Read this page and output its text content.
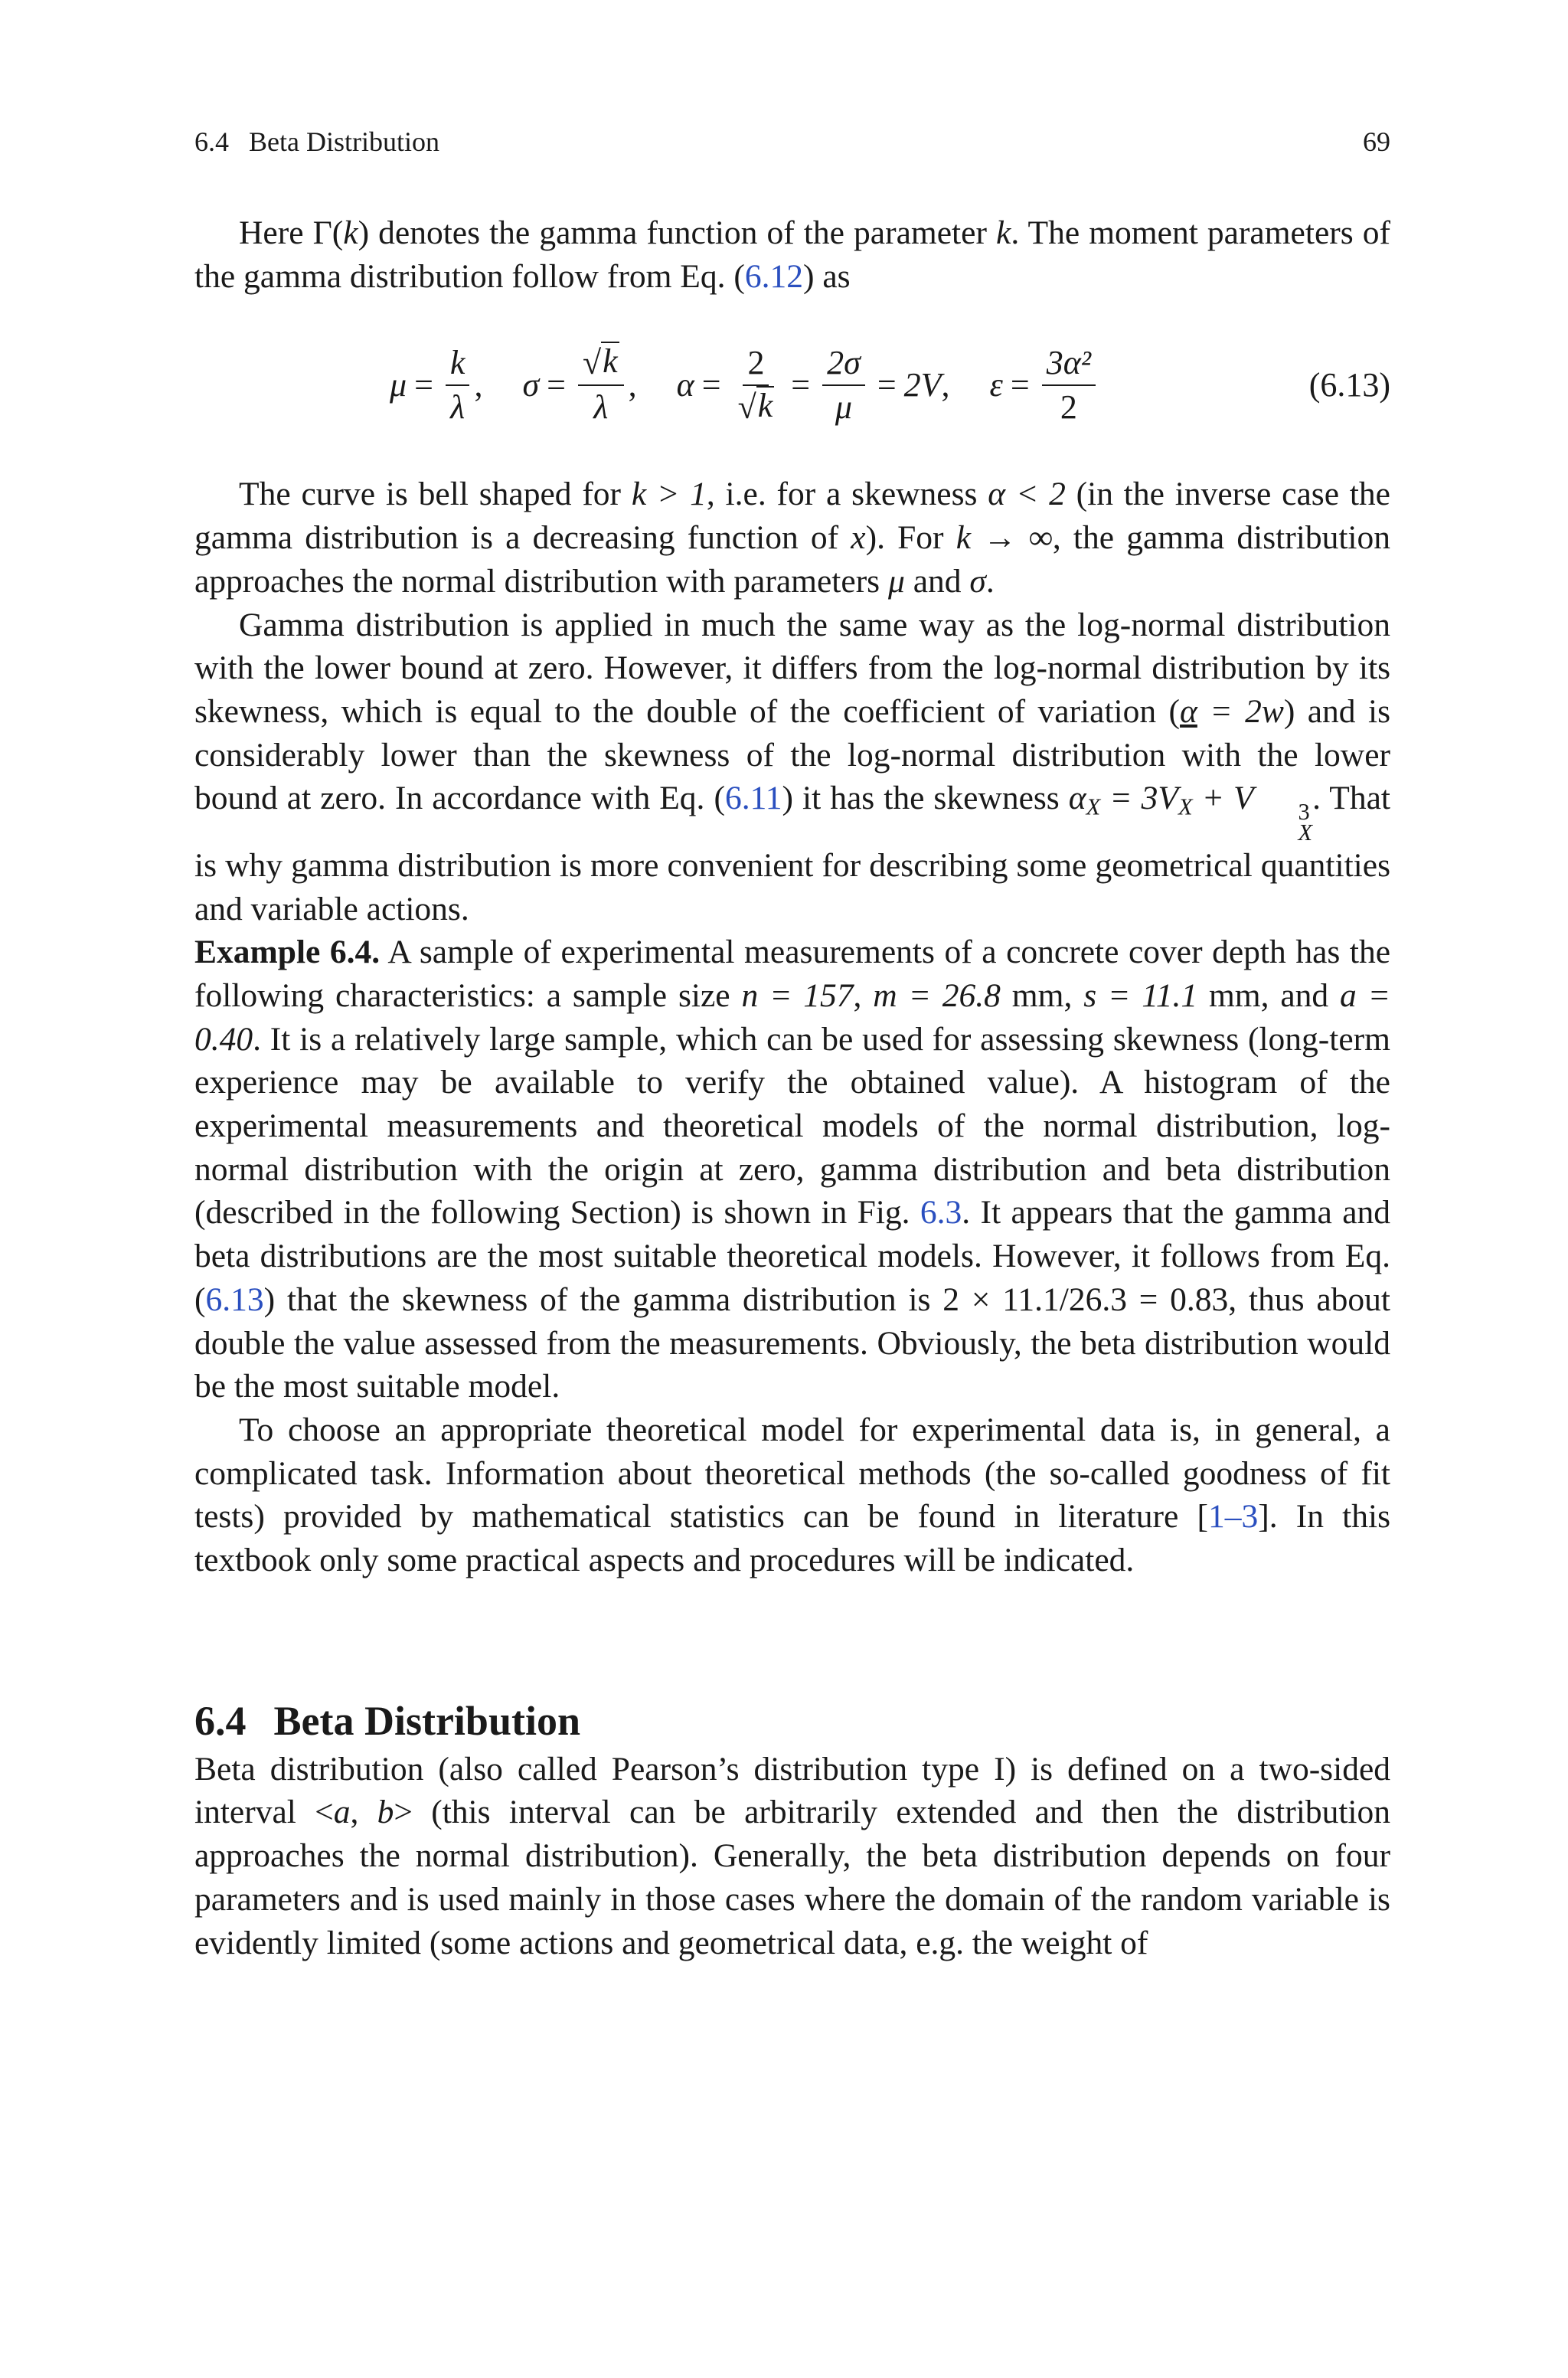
6.4 Beta Distribution	69

Here Γ(k) denotes the gamma function of the parameter k. The moment parameters of the gamma distribution follow from Eq. (6.12) as

$\mu = \frac{k}{\lambda}$ , $\sigma = \frac{√ k}{\lambda}$ , $\alpha = \frac{2}{√ k} = \frac{2\sigma}{\mu} = 2V$ , $\varepsilon = \frac{\text{3α²}}{2}$	(6.13)

The curve is bell shaped for k > 1, i.e. for a skewness α < 2 (in the inverse case the gamma distribution is a decreasing function of x). For k → ∞, the gamma distribution approaches the normal distribution with parameters μ and σ.

Gamma distribution is applied in much the same way as the log-normal distribution with the lower bound at zero. However, it differs from the log-normal distribution by its skewness, which is equal to the double of the coefficient of variation (α = 2w) and is considerably lower than the skewness of the log-normal distribution with the lower bound at zero. In accordance with Eq. (6.11) it has the skewness $\alpha_X = 3V_X + V$	3
X
. That is why gamma distribution is more convenient for describing some geometrical quantities and variable actions.

Example 6.4. A sample of experimental measurements of a concrete cover depth has the following characteristics: a sample size n = 157, m = 26.8 mm, s = 11.1 mm, and a = 0.40. It is a relatively large sample, which can be used for assessing skewness (long-term experience may be available to verify the obtained value). A histogram of the experimental measurements and theoretical models of the normal distribution, log-normal distribution with the origin at zero, gamma distribution and beta distribution (described in the following Section) is shown in Fig. 6.3. It appears that the gamma and beta distributions are the most suitable theoretical models. However, it follows from Eq. (6.13) that the skewness of the gamma distribution is 2 × 11.1/26.3 = 0.83, thus about double the value assessed from the measurements. Obviously, the beta distribution would be the most suitable model.

To choose an appropriate theoretical model for experimental data is, in general, a complicated task. Information about theoretical methods (the so-called goodness of fit tests) provided by mathematical statistics can be found in literature [1–3]. In this textbook only some practical aspects and procedures will be indicated.

6.4 Beta Distribution

Beta distribution (also called Pearson’s distribution type I) is defined on a two-sided interval <a, b> (this interval can be arbitrarily extended and then the distribution approaches the normal distribution). Generally, the beta distribution depends on four parameters and is used mainly in those cases where the domain of the random variable is evidently limited (some actions and geometrical data, e.g. the weight of
